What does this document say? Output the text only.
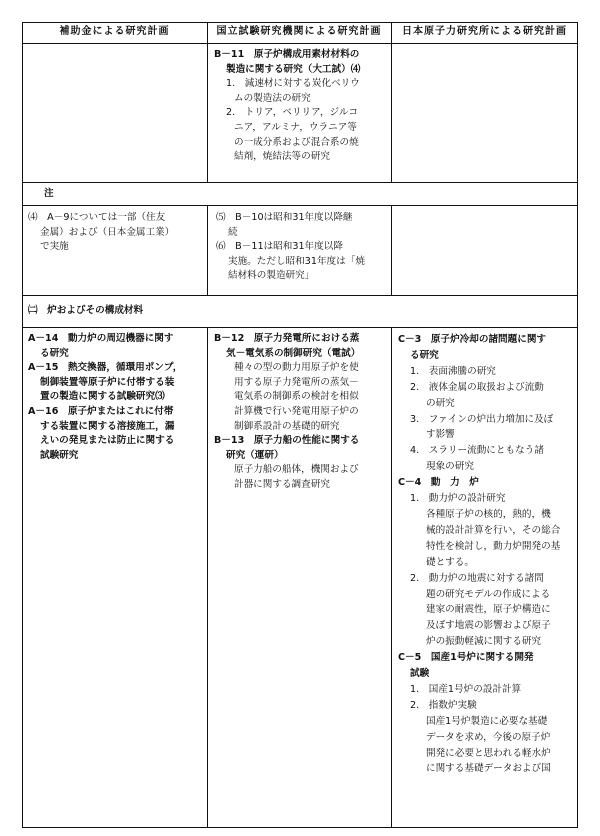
補助金による研究計画	国立試験研究機関による研究計画	日本原子力研究所による研究計画
B－11　原子炉構成用素材材料の
製造に関する研究（大工試）⑷
1.　減速材に対する炭化ベリウ
ムの製造法の研究
2.　トリア，ベリリア，ジルコ
ニア，アルミナ，ウラニア等
の一成分系および混合系の焼
結剤，焼結法等の研究
注
⑷　A－9については一部（住友
金属）および（日本金属工業）
で実施
⑸　B－10は昭和31年度以降継
続
⑹　B－11は昭和31年度以降
実施。ただし昭和31年度は「焼
結材料の製造研究」
㈡　炉およびその構成材料
A－14　動力炉の周辺機器に関す
る研究
A－15　熱交換器，循環用ポンプ，
制御装置等原子炉に付帯する装
置の製造に関する試験研究⑶
A－16　原子炉またはこれに付帯
する装置に関する溶接施工，漏
えいの発見または防止に関する
試験研究
B－12　原子力発電所における蒸
気－電気系の制御研究（電試）
種々の型の動力用原子炉を使
用する原子力発電所の蒸気－
電気系の制御系の検討を相似
計算機で行い発電用原子炉の
制御系設計の基礎的研究
B－13　原子力船の性能に関する
研究（運研）
原子力船の船体，機関および
計器に関する調査研究
C－3　原子炉冷却の諸問題に関す
る研究
1.　表面沸騰の研究
2.　液体金属の取扱および流動
の研究
3.　ファインの炉出力増加に及ぼ
す影響
4.　スラリー流動にともなう諸
現象の研究
C－4　動　力　炉
1.　動力炉の設計研究
各種原子炉の核的，熱的，機
械的設計計算を行い，その総合
特性を検討し，動力炉開発の基
礎とする。
2.　動力炉の地震に対する諸問
題の研究モデルの作成による
建家の耐震性，原子炉構造に
及ぼす地震の影響および原子
炉の振動軽減に関する研究
C－5　国産1号炉に関する開発
試験
1.　国産1号炉の設計計算
2.　指数炉実験
国産1号炉製造に必要な基礎
データを求め，今後の原子炉
開発に必要と思われる軽水炉
に関する基礎データおよび国
